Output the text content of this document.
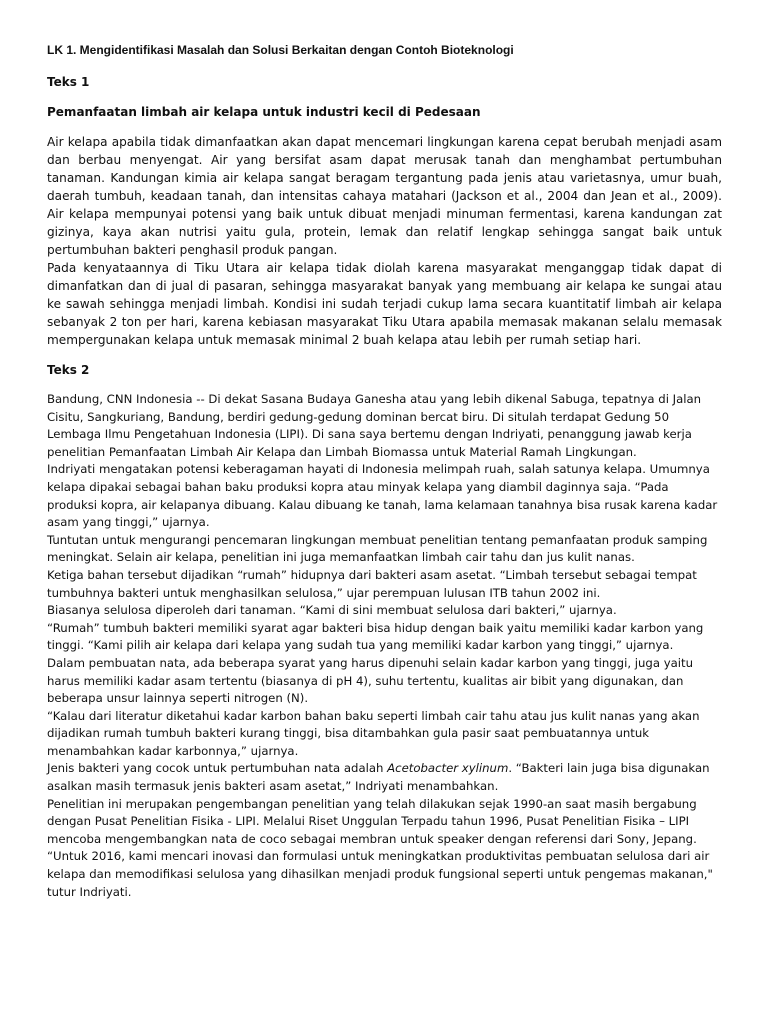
LK 1. Mengidentifikasi Masalah dan Solusi Berkaitan dengan Contoh Bioteknologi
Teks 1
Pemanfaatan limbah air kelapa untuk industri kecil di Pedesaan

Air kelapa apabila tidak dimanfaatkan akan dapat mencemari lingkungan karena cepat berubah menjadi asam dan berbau menyengat. Air yang bersifat asam dapat merusak tanah dan menghambat pertumbuhan tanaman. Kandungan kimia air kelapa sangat beragam tergantung pada jenis atau varietasnya, umur buah, daerah tumbuh, keadaan tanah, dan intensitas cahaya matahari (Jackson et al., 2004 dan Jean et al., 2009). Air kelapa mempunyai potensi yang baik untuk dibuat menjadi minuman fermentasi, karena kandungan zat gizinya, kaya akan nutrisi yaitu gula, protein, lemak dan relatif lengkap sehingga sangat baik untuk pertumbuhan bakteri penghasil produk pangan.

Pada kenyataannya di Tiku Utara air kelapa tidak diolah karena masyarakat menganggap tidak dapat di dimanfatkan dan di jual di pasaran, sehingga masyarakat banyak yang membuang air kelapa ke sungai atau ke sawah sehingga menjadi limbah. Kondisi ini sudah terjadi cukup lama secara kuantitatif limbah air kelapa sebanyak 2 ton per hari, karena kebiasan masyarakat Tiku Utara apabila memasak makanan selalu memasak mempergunakan kelapa untuk memasak minimal 2 buah kelapa atau lebih per rumah setiap hari.

Teks 2

Bandung, CNN Indonesia -- Di dekat Sasana Budaya Ganesha atau yang lebih dikenal Sabuga, tepatnya di Jalan Cisitu, Sangkuriang, Bandung, berdiri gedung-gedung dominan bercat biru. Di situlah terdapat Gedung 50 Lembaga Ilmu Pengetahuan Indonesia (LIPI). Di sana saya bertemu dengan Indriyati, penanggung jawab kerja penelitian Pemanfaatan Limbah Air Kelapa dan Limbah Biomassa untuk Material Ramah Lingkungan.

Indriyati mengatakan potensi keberagaman hayati di Indonesia melimpah ruah, salah satunya kelapa. Umumnya kelapa dipakai sebagai bahan baku produksi kopra atau minyak kelapa yang diambil daginnya saja. “Pada produksi kopra, air kelapanya dibuang. Kalau dibuang ke tanah, lama kelamaan tanahnya bisa rusak karena kadar asam yang tinggi,” ujarnya.

Tuntutan untuk mengurangi pencemaran lingkungan membuat penelitian tentang pemanfaatan produk samping meningkat. Selain air kelapa, penelitian ini juga memanfaatkan limbah cair tahu dan jus kulit nanas.

Ketiga bahan tersebut dijadikan “rumah” hidupnya dari bakteri asam asetat. “Limbah tersebut sebagai tempat tumbuhnya bakteri untuk menghasilkan selulosa,” ujar perempuan lulusan ITB tahun 2002 ini.

Biasanya selulosa diperoleh dari tanaman. “Kami di sini membuat selulosa dari bakteri,” ujarnya.

“Rumah” tumbuh bakteri memiliki syarat agar bakteri bisa hidup dengan baik yaitu memiliki kadar karbon yang tinggi. “Kami pilih air kelapa dari kelapa yang sudah tua yang memiliki kadar karbon yang tinggi,” ujarnya.

Dalam pembuatan nata, ada beberapa syarat yang harus dipenuhi selain kadar karbon yang tinggi, juga yaitu harus memiliki kadar asam tertentu (biasanya di pH 4), suhu tertentu, kualitas air bibit yang digunakan, dan beberapa unsur lainnya seperti nitrogen (N).

“Kalau dari literatur diketahui kadar karbon bahan baku seperti limbah cair tahu atau jus kulit nanas yang akan dijadikan rumah tumbuh bakteri kurang tinggi, bisa ditambahkan gula pasir saat pembuatannya untuk menambahkan kadar karbonnya,” ujarnya.

Jenis bakteri yang cocok untuk pertumbuhan nata adalah Acetobacter xylinum. “Bakteri lain juga bisa digunakan asalkan masih termasuk jenis bakteri asam asetat,” Indriyati menambahkan.

Penelitian ini merupakan pengembangan penelitian yang telah dilakukan sejak 1990-an saat masih bergabung dengan Pusat Penelitian Fisika - LIPI. Melalui Riset Unggulan Terpadu tahun 1996, Pusat Penelitian Fisika – LIPI mencoba mengembangkan nata de coco sebagai membran untuk speaker dengan referensi dari Sony, Jepang.

“Untuk 2016, kami mencari inovasi dan formulasi untuk meningkatkan produktivitas pembuatan selulosa dari air kelapa dan memodifikasi selulosa yang dihasilkan menjadi produk fungsional seperti untuk pengemas makanan," tutur Indriyati.
